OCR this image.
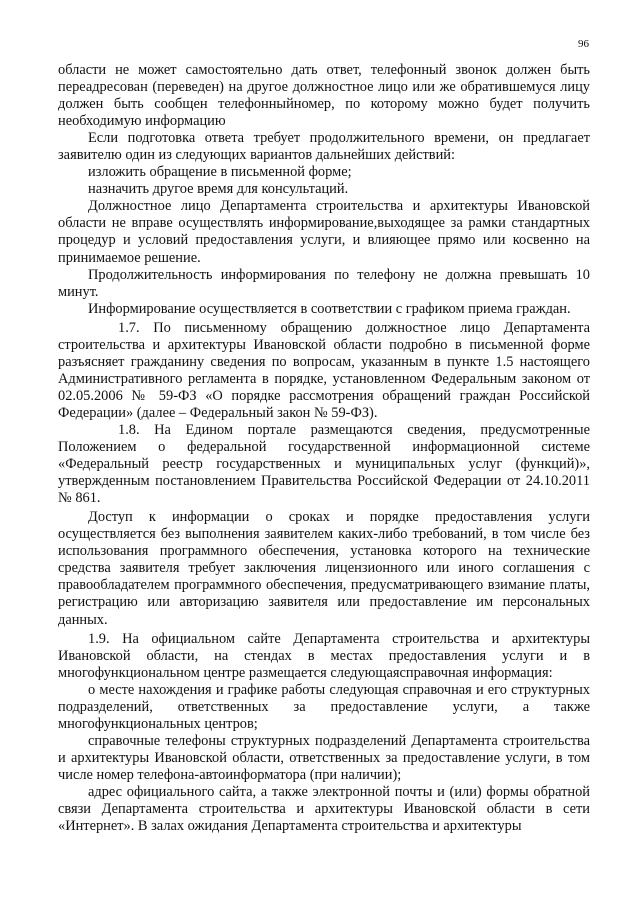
96

области не может самостоятельно дать ответ, телефонный звонок должен быть переадресован (переведен) на другое должностное лицо или же обратившемуся лицу должен быть сообщен телефонныйномер, по которому можно будет получить необходимую информацию

Если подготовка ответа требует продолжительного времени, он предлагает заявителю один из следующих вариантов дальнейших действий:

изложить обращение в письменной форме;

назначить другое время для консультаций.

Должностное лицо Департамента строительства и архитектуры Ивановской области не вправе осуществлять информирование,выходящее за рамки стандартных процедур и условий предоставления услуги, и влияющее прямо или косвенно на принимаемое решение.

Продолжительность информирования по телефону не должна превышать 10 минут.

Информирование осуществляется в соответствии с графиком приема граждан.

1.7. По письменному обращению должностное лицо Департамента строительства и архитектуры Ивановской области подробно в письменной форме разъясняет гражданину сведения по вопросам, указанным в пункте 1.5 настоящего Административного регламента в порядке, установленном Федеральным законом от 02.05.2006 № 59-ФЗ «О порядке рассмотрения обращений граждан Российской Федерации» (далее – Федеральный закон № 59-ФЗ).

1.8. На Едином портале размещаются сведения, предусмотренные Положением о федеральной государственной информационной системе «Федеральный реестр государственных и муниципальных услуг (функций)», утвержденным постановлением Правительства Российской Федерации от 24.10.2011 № 861.

Доступ к информации о сроках и порядке предоставления услуги осуществляется без выполнения заявителем каких-либо требований, в том числе без использования программного обеспечения, установка которого на технические средства заявителя требует заключения лицензионного или иного соглашения с правообладателем программного обеспечения, предусматривающего взимание платы, регистрацию или авторизацию заявителя или предоставление им персональных данных.

1.9. На официальном сайте Департамента строительства и архитектуры Ивановской области, на стендах в местах предоставления услуги и в многофункциональном центре размещается следующаясправочная информация:

о месте нахождения и графике работы следующая справочная и его структурных подразделений, ответственных за предоставление услуги, а также многофункциональных центров;

справочные телефоны структурных подразделений Департамента строительства и архитектуры Ивановской области, ответственных за предоставление услуги, в том числе номер телефона-автоинформатора (при наличии);

адрес официального сайта, а также электронной почты и (или) формы обратной связи Департамента строительства и архитектуры Ивановской области в сети «Интернет». В залах ожидания Департамента строительства и архитектуры
